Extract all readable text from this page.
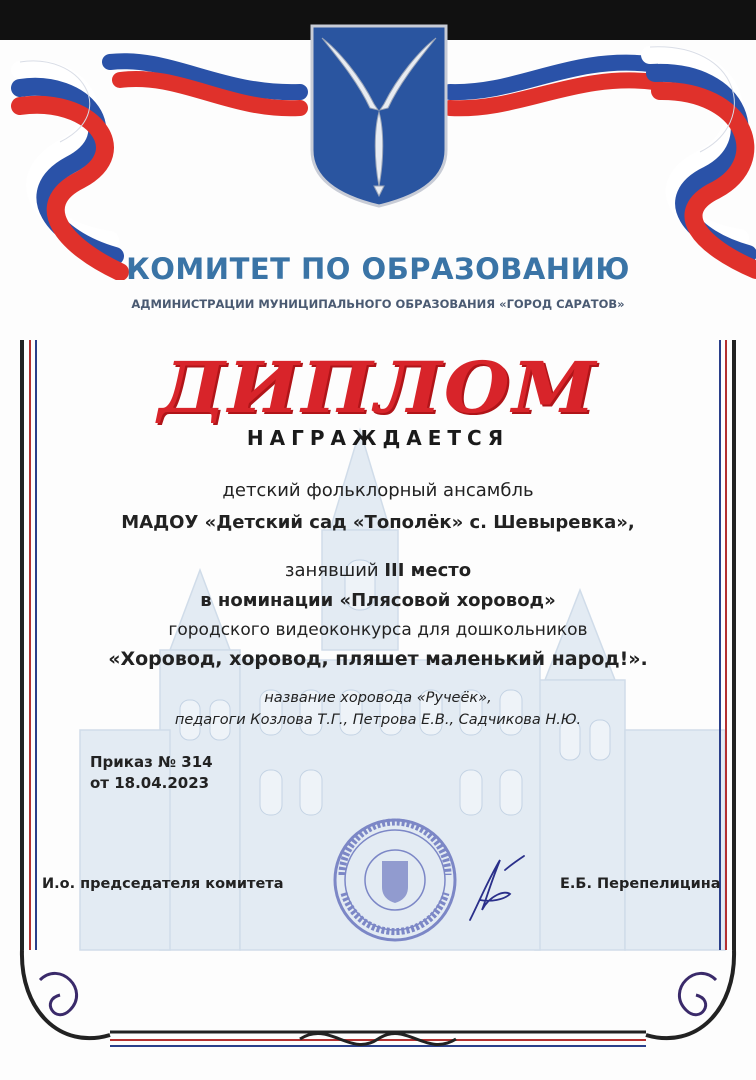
КОМИТЕТ ПО ОБРАЗОВАНИЮ
АДМИНИСТРАЦИИ МУНИЦИПАЛЬНОГО ОБРАЗОВАНИЯ «ГОРОД САРАТОВ»
ДИПЛОМ
НАГРАЖДАЕТСЯ
детский фольклорный ансамбль
МАДОУ «Детский сад «Тополёк» с. Шевыревка»,
занявший III место
в номинации «Плясовой хоровод»
городского видеоконкурса для дошкольников
«Хоровод, хоровод, пляшет маленький народ!».
название хоровода «Ручеёк»,
педагоги Козлова Т.Г., Петрова Е.В., Садчикова Н.Ю.
Приказ № 314
от 18.04.2023
И.о. председателя комитета	Е.Б. Перепелицина
